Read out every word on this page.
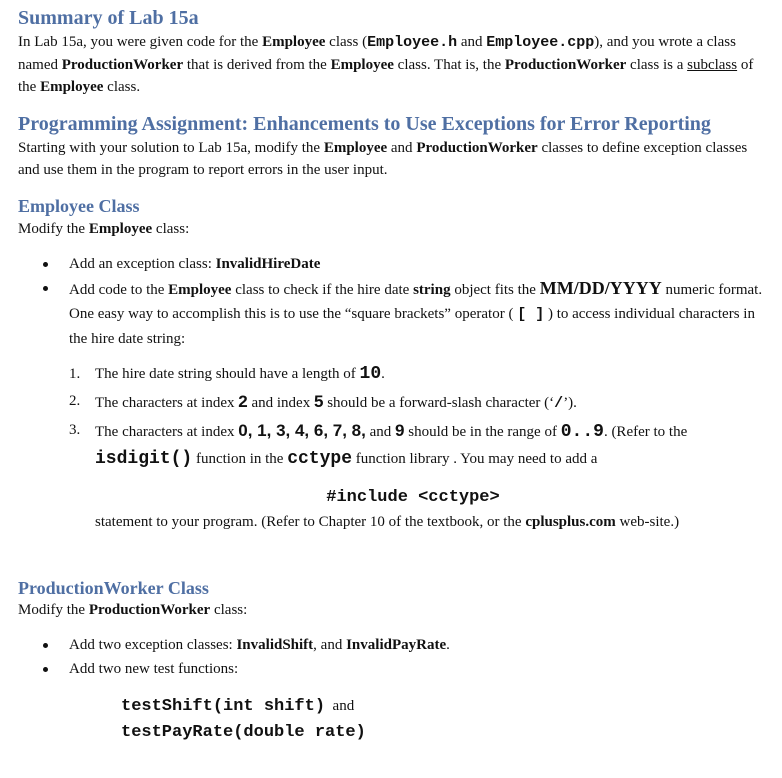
Summary of Lab 15a

In Lab 15a, you were given code for the Employee class (Employee.h and Employee.cpp), and you wrote a class named ProductionWorker that is derived from the Employee class. That is, the ProductionWorker class is a subclass of the Employee class.

Programming Assignment: Enhancements to Use Exceptions for Error Reporting

Starting with your solution to Lab 15a, modify the Employee and ProductionWorker classes to define exception classes and use them in the program to report errors in the user input.

Employee Class

Modify the Employee class:

Add an exception class: InvalidHireDate
Add code to the Employee class to check if the hire date string object fits the MM/DD/YYYY numeric format. One easy way to accomplish this is to use the “square brackets” operator ( [ ] ) to access individual characters in the hire date string:
1. The hire date string should have a length of 10.
2. The characters at index 2 and index 5 should be a forward-slash character (‘/’).
3. The characters at index 0, 1, 3, 4, 6, 7, 8, and 9 should be in the range of 0..9. (Refer to the isdigit() function in the cctype function library . You may need to add a
#include <cctype>

statement to your program. (Refer to Chapter 10 of the textbook, or the cplusplus.com web-site.)

ProductionWorker Class

Modify the ProductionWorker class:

Add two exception classes: InvalidShift, and InvalidPayRate.
Add two new test functions:
testShift(int shift) and
testPayRate(double rate)
